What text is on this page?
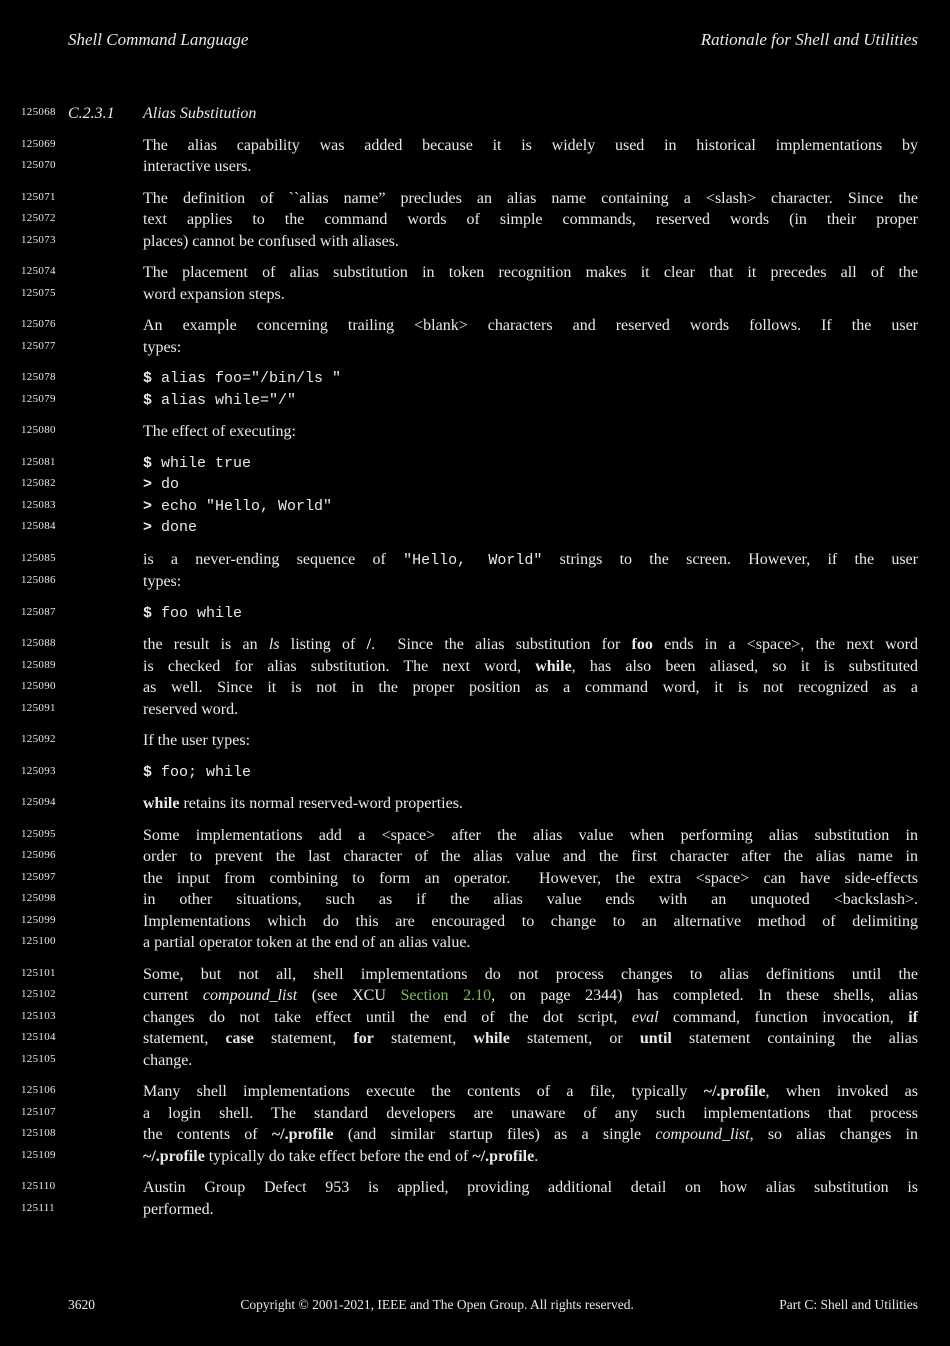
Shell Command Language	Rationale for Shell and Utilities
125068 C.2.3.1 Alias Substitution
125069	The alias capability was added because it is widely used in historical implementations by
125070	interactive users.
125071	The definition of ``alias name” precludes an alias name containing a <slash> character. Since the
125072	text applies to the command words of simple commands, reserved words (in their proper
125073	places) cannot be confused with aliases.
125074	The placement of alias substitution in token recognition makes it clear that it precedes all of the
125075	word expansion steps.
125076	An example concerning trailing <blank> characters and reserved words follows. If the user
125077	types:
125078	$ alias foo="/bin/ls "
125079	$ alias while="/"
125080	The effect of executing:
125081	$ while true
125082	> do
125083	> echo "Hello, World"
125084	> done
125085	is a never-ending sequence of "Hello, World" strings to the screen. However, if the user
125086	types:
125087	$ foo while
125088	the result is an ls listing of /.  Since the alias substitution for foo ends in a <space>, the next word
125089	is checked for alias substitution. The next word, while, has also been aliased, so it is substituted
125090	as well. Since it is not in the proper position as a command word, it is not recognized as a
125091	reserved word.
125092	If the user types:
125093	$ foo; while
125094	while retains its normal reserved-word properties.
125095	Some implementations add a <space> after the alias value when performing alias substitution in
125096	order to prevent the last character of the alias value and the first character after the alias name in
125097	the input from combining to form an operator.  However, the extra <space> can have side-effects
125098	in other situations, such as if the alias value ends with an unquoted <backslash>.
125099	Implementations which do this are encouraged to change to an alternative method of delimiting
125100	a partial operator token at the end of an alias value.
125101	Some, but not all, shell implementations do not process changes to alias definitions until the
125102	current compound_list (see XCU Section 2.10, on page 2344) has completed. In these shells, alias
125103	changes do not take effect until the end of the dot script, eval command, function invocation, if
125104	statement, case statement, for statement, while statement, or until statement containing the alias
125105	change.
125106	Many shell implementations execute the contents of a file, typically ~/.profile, when invoked as
125107	a login shell. The standard developers are unaware of any such implementations that process
125108	the contents of ~/.profile (and similar startup files) as a single compound_list, so alias changes in
125109	~/.profile typically do take effect before the end of ~/.profile.
125110	Austin Group Defect 953 is applied, providing additional detail on how alias substitution is
125111	performed.
3620	Copyright © 2001-2021, IEEE and The Open Group. All rights reserved.	Part C: Shell and Utilities
